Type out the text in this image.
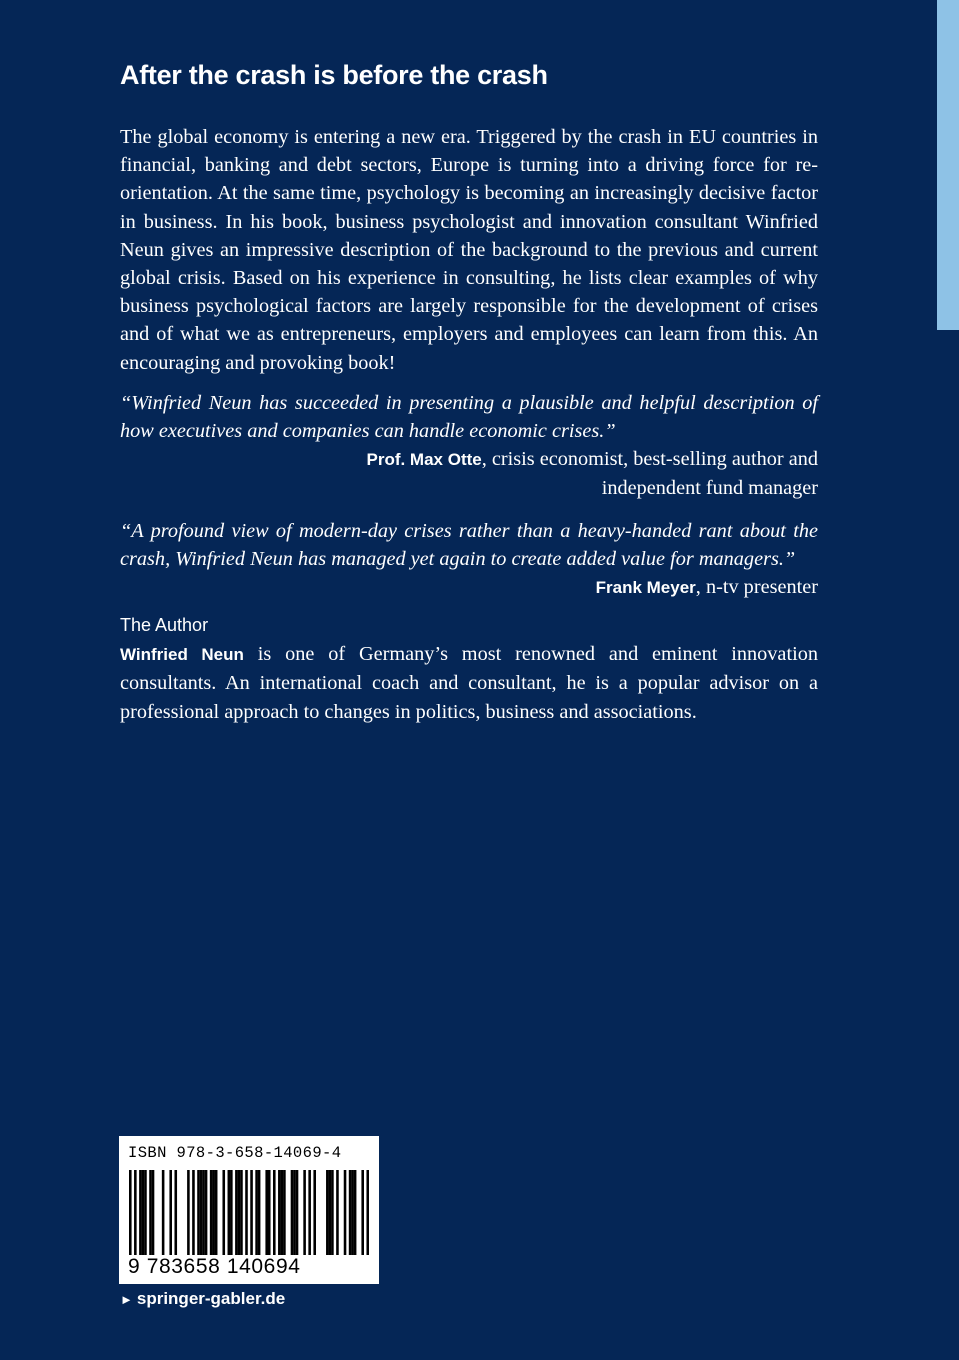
After the crash is before the crash

The global economy is entering a new era. Triggered by the crash in EU countries in financial, banking and debt sectors, Europe is turning into a driving force for re-orientation. At the same time, psychology is becoming an increasingly decisive factor in business. In his book, business psychologist and innovation consultant Winfried Neun gives an impressive description of the background to the previous and current global crisis. Based on his experience in consulting, he lists clear examples of why business psychological factors are largely responsible for the development of crises and of what we as entrepreneurs, employers and employees can learn from this. An encouraging and provoking book!

“Winfried Neun has succeeded in presenting a plausible and helpful description of how executives and companies can handle economic crises.”

Prof. Max Otte, crisis economist, best-selling author and
independent fund manager

“A profound view of modern-day crises rather than a heavy-handed rant about the crash, Winfried Neun has managed yet again to create added value for managers.”

Frank Meyer, n-tv presenter

The Author

Winfried Neun is one of Germany’s most renowned and eminent innovation consultants. An international coach and consultant, he is a popular advisor on a professional approach to changes in politics, business and associations.

ISBN 978-3-658-14069-4
9 783658 140694
► springer-gabler.de
